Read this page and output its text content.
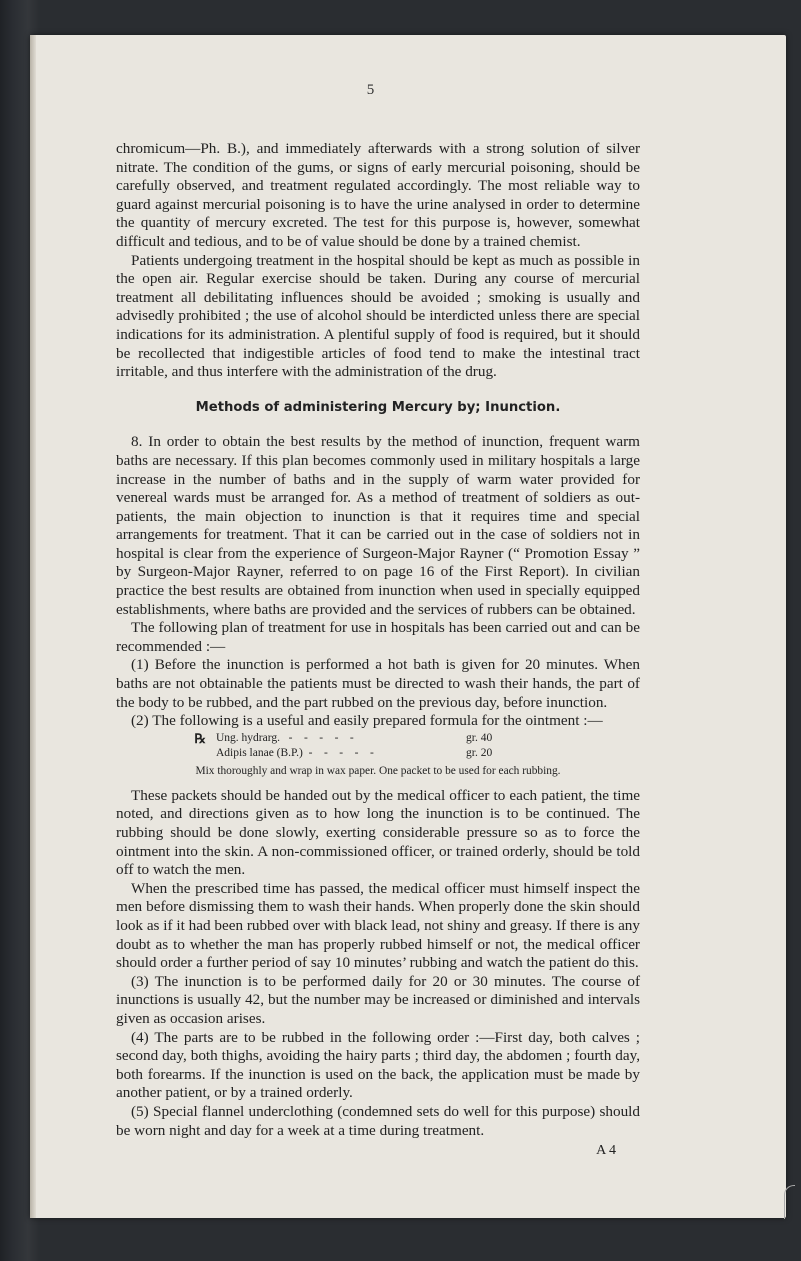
5

chromicum—Ph. B.), and immediately afterwards with a strong solution of silver nitrate. The condition of the gums, or signs of early mercurial poisoning, should be carefully observed, and treatment regulated accordingly. The most reliable way to guard against mercurial poisoning is to have the urine analysed in order to determine the quantity of mercury excreted. The test for this purpose is, however, somewhat difficult and tedious, and to be of value should be done by a trained chemist.

Patients undergoing treatment in the hospital should be kept as much as possible in the open air. Regular exercise should be taken. During any course of mercurial treatment all debilitating influences should be avoided ; smoking is usually and advisedly prohibited ; the use of alcohol should be interdicted unless there are special indications for its administration. A plentiful supply of food is required, but it should be recollected that indigestible articles of food tend to make the intestinal tract irritable, and thus interfere with the administration of the drug.

Methods of administering Mercury by; Inunction.

8. In order to obtain the best results by the method of inunction, frequent warm baths are necessary. If this plan becomes commonly used in military hospitals a large increase in the number of baths and in the supply of warm water provided for venereal wards must be arranged for. As a method of treatment of soldiers as out-patients, the main objection to inunction is that it requires time and special arrangements for treatment. That it can be carried out in the case of soldiers not in hospital is clear from the experience of Surgeon-Major Rayner (“ Promotion Essay ” by Surgeon-Major Rayner, referred to on page 16 of the First Report). In civilian practice the best results are obtained from inunction when used in specially equipped establishments, where baths are provided and the services of rubbers can be obtained.

The following plan of treatment for use in hospitals has been carried out and can be recommended :—

(1) Before the inunction is performed a hot bath is given for 20 minutes. When baths are not obtainable the patients must be directed to wash their hands, the part of the body to be rubbed, and the part rubbed on the previous day, before inunction.

(2) The following is a useful and easily prepared formula for the ointment :—

℞ Ung. hydrarg.   -    -    -    -    -	gr. 40
Adipis lanae (B.P.)  -    -    -    -    -	gr. 20
Mix thoroughly and wrap in wax paper. One packet to be used for each rubbing.

These packets should be handed out by the medical officer to each patient, the time noted, and directions given as to how long the inunction is to be continued. The rubbing should be done slowly, exerting considerable pressure so as to force the ointment into the skin. A non-commissioned officer, or trained orderly, should be told off to watch the men.

When the prescribed time has passed, the medical officer must himself inspect the men before dismissing them to wash their hands. When properly done the skin should look as if it had been rubbed over with black lead, not shiny and greasy. If there is any doubt as to whether the man has properly rubbed himself or not, the medical officer should order a further period of say 10 minutes’ rubbing and watch the patient do this.

(3) The inunction is to be performed daily for 20 or 30 minutes. The course of inunctions is usually 42, but the number may be increased or diminished and intervals given as occasion arises.

(4) The parts are to be rubbed in the following order :—First day, both calves ; second day, both thighs, avoiding the hairy parts ; third day, the abdomen ; fourth day, both forearms. If the inunction is used on the back, the application must be made by another patient, or by a trained orderly.

(5) Special flannel underclothing (condemned sets do well for this purpose) should be worn night and day for a week at a time during treatment.

A 4
